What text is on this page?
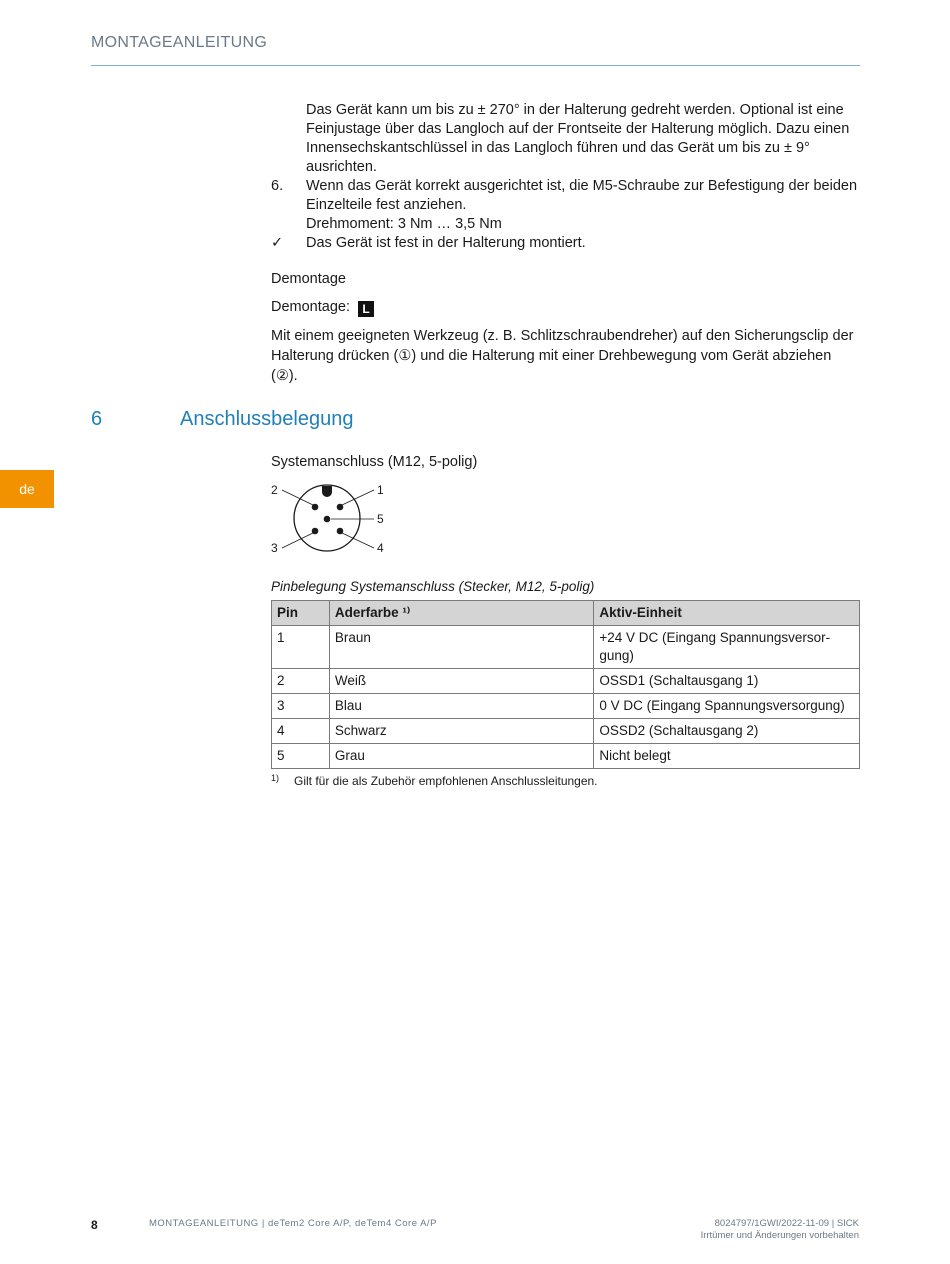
MONTAGEANLEITUNG
Das Gerät kann um bis zu ± 270° in der Halterung gedreht werden. Optional ist eine Feinjustage über das Langloch auf der Frontseite der Halterung möglich. Dazu einen Innensechskantschlüssel in das Langloch führen und das Gerät um bis zu ± 9° ausrichten.
6. Wenn das Gerät korrekt ausgerichtet ist, die M5-Schraube zur Befestigung der beiden Einzelteile fest anziehen.
Drehmoment: 3 Nm … 3,5 Nm
✓ Das Gerät ist fest in der Halterung montiert.
Demontage
Demontage: L
Mit einem geeigneten Werkzeug (z. B. Schlitzschraubendreher) auf den Sicherungsclip der Halterung drücken (①) und die Halterung mit einer Drehbewegung vom Gerät abziehen (②).
de
6	Anschlussbelegung
Systemanschluss (M12, 5-polig)
1
2
3	4
5
Pinbelegung Systemanschluss (Stecker, M12, 5-polig)
Pin	Aderfarbe ¹⁾	Aktiv-Einheit
1	Braun	+24 V DC (Eingang Spannungsversorgung)
2	Weiß	OSSD1 (Schaltausgang 1)
3	Blau	0 V DC (Eingang Spannungsversorgung)
4	Schwarz	OSSD2 (Schaltausgang 2)
5	Grau	Nicht belegt
1) Gilt für die als Zubehör empfohlenen Anschlussleitungen.
8	MONTAGEANLEITUNG | deTem2 Core A/P, deTem4 Core A/P	8024797/1GWI/2022-11-09 | SICK
Irrtümer und Änderungen vorbehalten
